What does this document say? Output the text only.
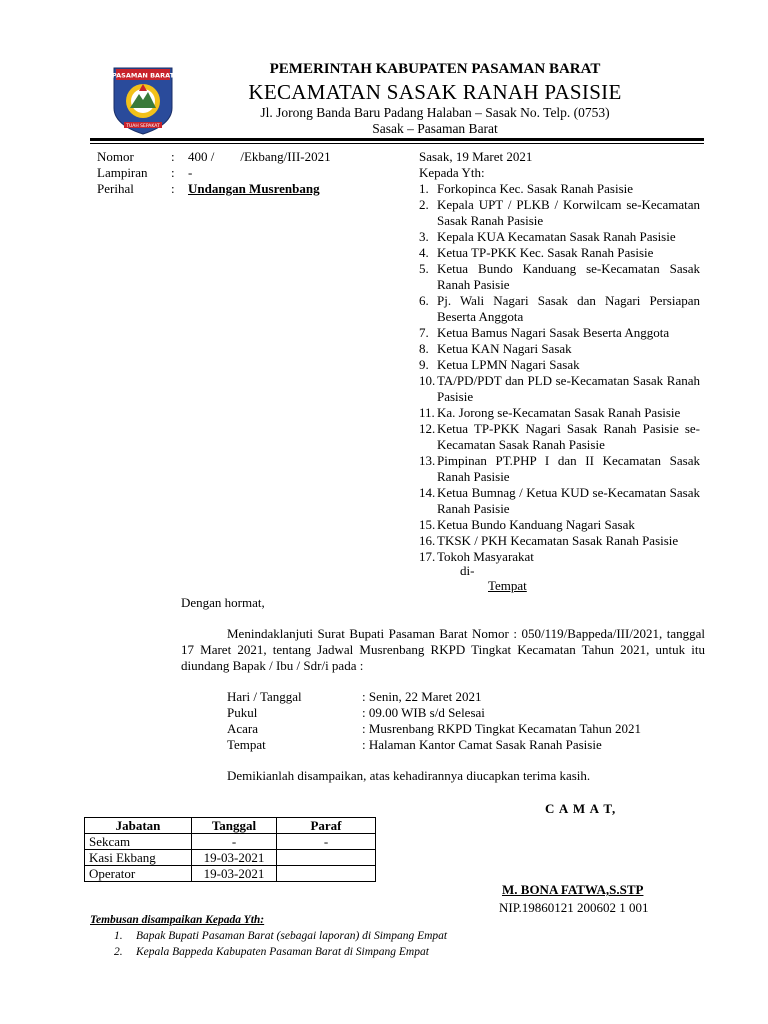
PASAMAN BARAT
TUAH SEPAKAT
PEMERINTAH KABUPATEN PASAMAN BARAT
KECAMATAN SASAK RANAH PASISIE
Jl. Jorong Banda Baru Padang Halaban – Sasak No. Telp. (0753)
Sasak – Pasaman Barat
Nomor	: 400 /        /Ekbang/III-2021
Lampiran	: -
Perihal	: Undangan Musrenbang
Sasak, 19 Maret 2021
Kepada Yth:
1. Forkopinca Kec. Sasak Ranah Pasisie
2. Kepala UPT / PLKB / Korwilcam se-Kecamatan Sasak Ranah Pasisie
3. Kepala KUA Kecamatan Sasak Ranah Pasisie
4. Ketua TP-PKK Kec. Sasak Ranah Pasisie
5. Ketua Bundo Kanduang se-Kecamatan Sasak Ranah Pasisie
6. Pj. Wali Nagari Sasak dan Nagari Persiapan Beserta Anggota
7. Ketua Bamus Nagari Sasak Beserta Anggota
8. Ketua KAN Nagari Sasak
9. Ketua LPMN Nagari Sasak
10. TA/PD/PDT dan PLD se-Kecamatan Sasak Ranah Pasisie
11. Ka. Jorong se-Kecamatan Sasak Ranah Pasisie
12. Ketua TP-PKK Nagari Sasak Ranah Pasisie se-Kecamatan Sasak Ranah Pasisie
13. Pimpinan PT.PHP I dan II Kecamatan Sasak Ranah Pasisie
14. Ketua Bumnag / Ketua KUD se-Kecamatan Sasak Ranah Pasisie
15. Ketua Bundo Kanduang Nagari Sasak
16. TKSK / PKH Kecamatan Sasak Ranah Pasisie
17. Tokoh Masyarakat
di-
Tempat
Dengan hormat,
Menindaklanjuti Surat Bupati Pasaman Barat Nomor : 050/119/Bappeda/III/2021, tanggal 17 Maret 2021, tentang Jadwal Musrenbang RKPD Tingkat Kecamatan Tahun 2021, untuk itu diundang Bapak / Ibu / Sdr/i pada :
Hari / Tanggal	: Senin, 22 Maret 2021
Pukul	: 09.00 WIB s/d Selesai
Acara	: Musrenbang RKPD Tingkat Kecamatan Tahun 2021
Tempat	: Halaman Kantor Camat Sasak Ranah Pasisie
Demikianlah disampaikan, atas kehadirannya diucapkan terima kasih.
C A M A T,
M. BONA FATWA,S.STP
NIP.19860121 200602 1 001
Jabatan	Tanggal	Paraf
Sekcam	-	-
Kasi Ekbang	19-03-2021	
Operator	19-03-2021	
Tembusan disampaikan Kepada Yth:
1. Bapak Bupati Pasaman Barat (sebagai laporan) di Simpang Empat
2. Kepala Bappeda Kabupaten Pasaman Barat di Simpang Empat
